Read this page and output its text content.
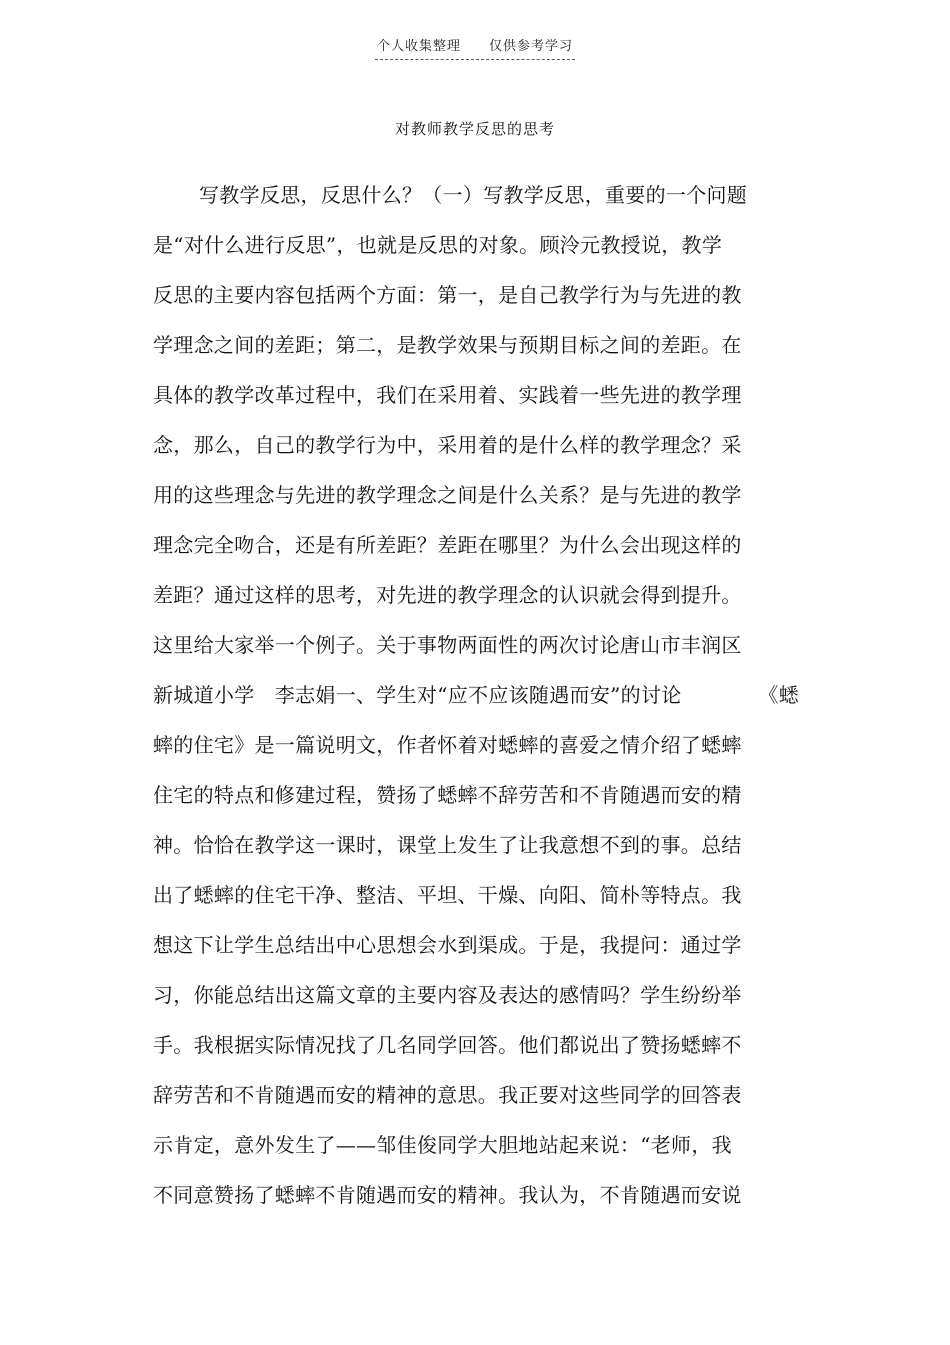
个人收集整理 仅供参考学习
对教师教学反思的思考
写教学反思，反思什么？（一）写教学反思，重要的一个问题
是“对什么进行反思”，也就是反思的对象。顾泠元教授说，教学
反思的主要内容包括两个方面：第一，是自己教学行为与先进的教
学理念之间的差距；第二，是教学效果与预期目标之间的差距。在
具体的教学改革过程中，我们在采用着、实践着一些先进的教学理
念，那么，自己的教学行为中，采用着的是什么样的教学理念？采
用的这些理念与先进的教学理念之间是什么关系？是与先进的教学
理念完全吻合，还是有所差距？差距在哪里？为什么会出现这样的
差距？通过这样的思考，对先进的教学理念的认识就会得到提升。
这里给大家举一个例子。关于事物两面性的两次讨论唐山市丰润区
新城道小学　李志娟一、学生对“应不应该随遇而安”的讨论	《蟋
蟀的住宅》是一篇说明文，作者怀着对蟋蟀的喜爱之情介绍了蟋蟀
住宅的特点和修建过程，赞扬了蟋蟀不辞劳苦和不肯随遇而安的精
神。恰恰在教学这一课时，课堂上发生了让我意想不到的事。总结
出了蟋蟀的住宅干净、整洁、平坦、干燥、向阳、简朴等特点。我
想这下让学生总结出中心思想会水到渠成。于是，我提问：通过学
习，你能总结出这篇文章的主要内容及表达的感情吗？学生纷纷举
手。我根据实际情况找了几名同学回答。他们都说出了赞扬蟋蟀不
辞劳苦和不肯随遇而安的精神的意思。我正要对这些同学的回答表
示肯定，意外发生了——邹佳俊同学大胆地站起来说：“老师，我
不同意赞扬了蟋蟀不肯随遇而安的精神。我认为，不肯随遇而安说
